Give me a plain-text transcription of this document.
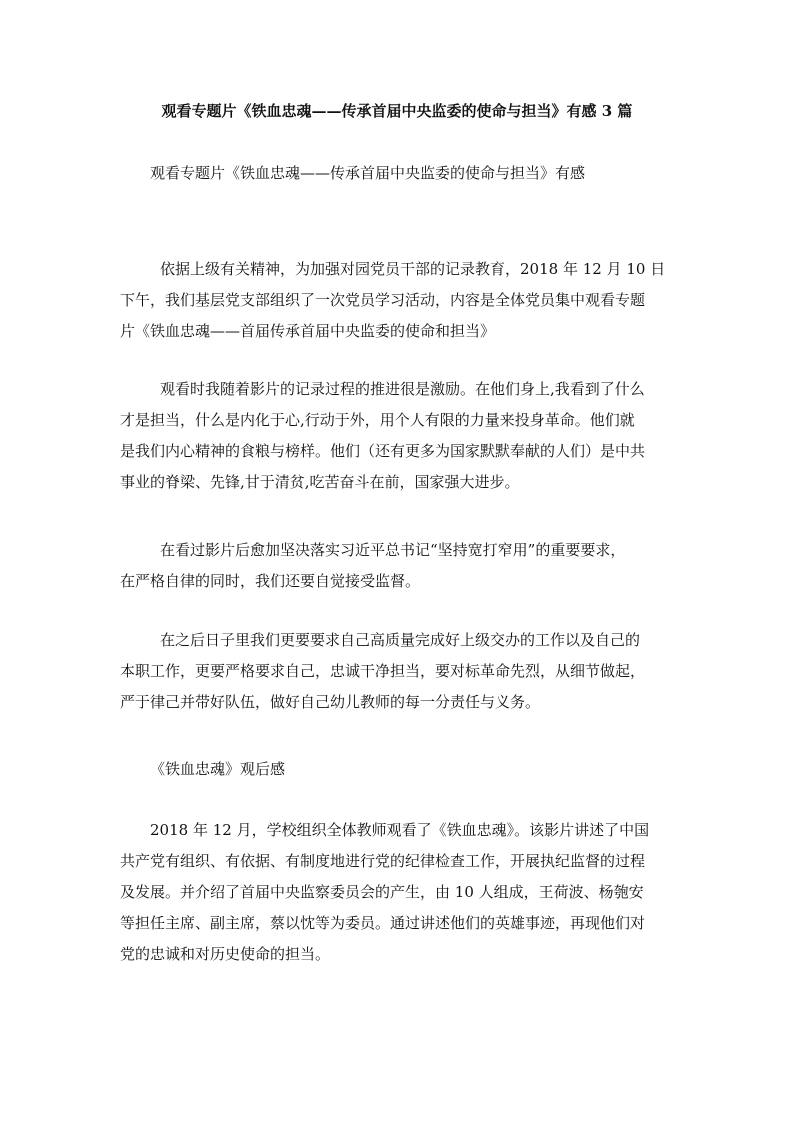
观看专题片《铁血忠魂——传承首届中央监委的使命与担当》有感 3 篇
观看专题片《铁血忠魂——传承首届中央监委的使命与担当》有感
依据上级有关精神，为加强对园党员干部的记录教育，2018 年 12 月 10 日
下午，我们基层党支部组织了一次党员学习活动，内容是全体党员集中观看专题
片《铁血忠魂——首届传承首届中央监委的使命和担当》
观看时我随着影片的记录过程的推进很是激励。在他们身上,我看到了什么
才是担当，什么是内化于心,行动于外，用个人有限的力量来投身革命。他们就
是我们内心精神的食粮与榜样。他们（还有更多为国家默默奉献的人们）是中共
事业的脊梁、先锋,甘于清贫,吃苦奋斗在前，国家强大进步。
在看过影片后愈加坚决落实习近平总书记“坚持宽打窄用”的重要要求，
在严格自律的同时，我们还要自觉接受监督。
在之后日子里我们更要要求自己高质量完成好上级交办的工作以及自己的
本职工作，更要严格要求自己，忠诚干净担当，要对标革命先烈，从细节做起，
严于律己并带好队伍，做好自己幼儿教师的每一分责任与义务。
《铁血忠魂》观后感
2018 年 12 月，学校组织全体教师观看了《铁血忠魂》。该影片讲述了中国
共产党有组织、有依据、有制度地进行党的纪律检查工作，开展执纪监督的过程
及发展。并介绍了首届中央监察委员会的产生，由 10 人组成，王荷波、杨匏安
等担任主席、副主席，蔡以忱等为委员。通过讲述他们的英雄事迹，再现他们对
党的忠诚和对历史使命的担当。
